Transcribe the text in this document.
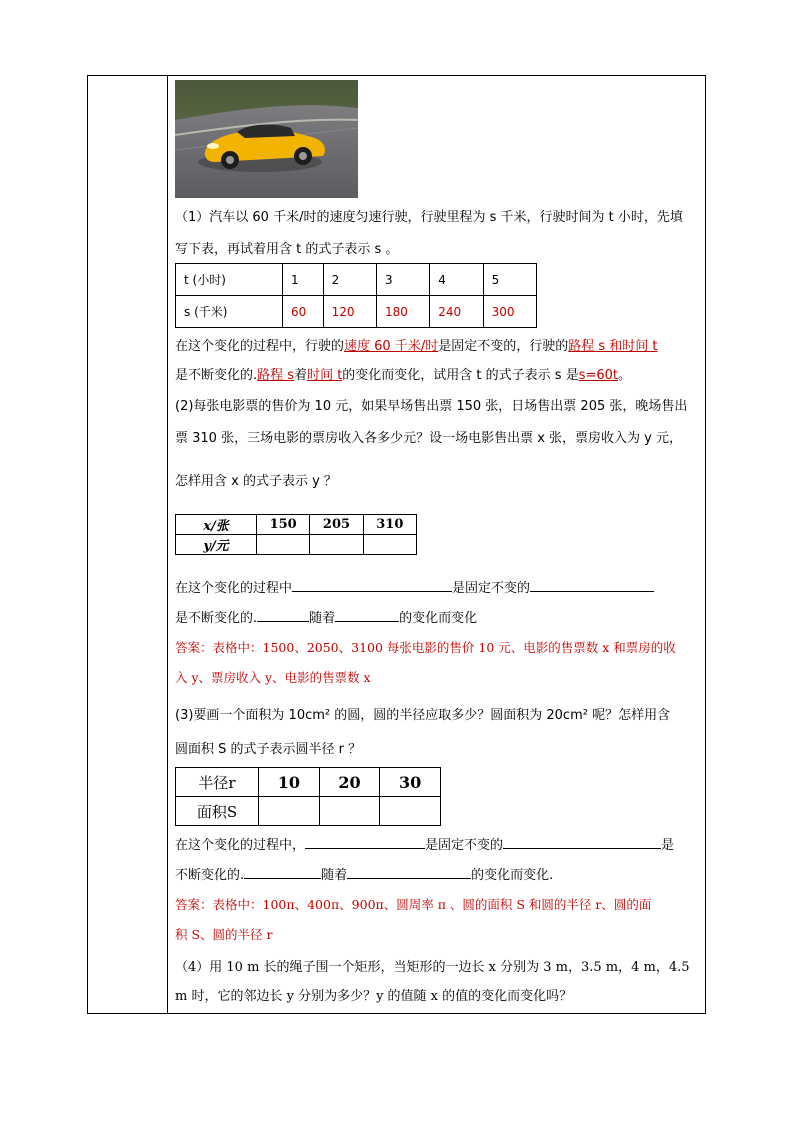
（1）汽车以 60 千米/时的速度匀速行驶，行驶里程为 s 千米，行驶时间为 t 小时，先填
写下表，再试着用含 t 的式子表示 s 。
t (小时)	1	2	3	4	5
s (千米)	60	120	180	240	300
在这个变化的过程中，行驶的速度 60 千米/时是固定不变的，行驶的路程 s 和时间 t
是不断变化的.路程 s着时间 t的变化而变化，试用含 t 的式子表示 s 是s=60t。
(2)每张电影票的售价为 10 元，如果早场售出票 150 张，日场售出票 205 张，晚场售出
票 310 张，三场电影的票房收入各多少元？设一场电影售出票 x 张，票房收入为 y 元，
怎样用含 x 的式子表示 y ？
x/张	150	205	310
y/元			
在这个变化的过程中	是固定不变的
是不断变化的.	随着	的变化而变化
答案：表格中：1500、2050、3100 每张电影的售价 10 元、电影的售票数 x 和票房的收
入 y、票房收入 y、电影的售票数 x
(3)要画一个面积为 10cm² 的圆，圆的半径应取多少？圆面积为 20cm² 呢？怎样用含
圆面积 S 的式子表示圆半径 r ？
半径r	10	20	30
面积S			
在这个变化的过程中，	是固定不变的	是
不断变化的.	随着	的变化而变化.
答案：表格中：100π、400π、900π、圆周率 π 、圆的面积 S 和圆的半径 r、圆的面
积 S、圆的半径 r
（4）用 10 m 长的绳子围一个矩形，当矩形的一边长 x 分别为 3 m，3.5 m，4 m，4.5
m 时，它的邻边长 y 分别为多少？y 的值随 x 的值的变化而变化吗？
